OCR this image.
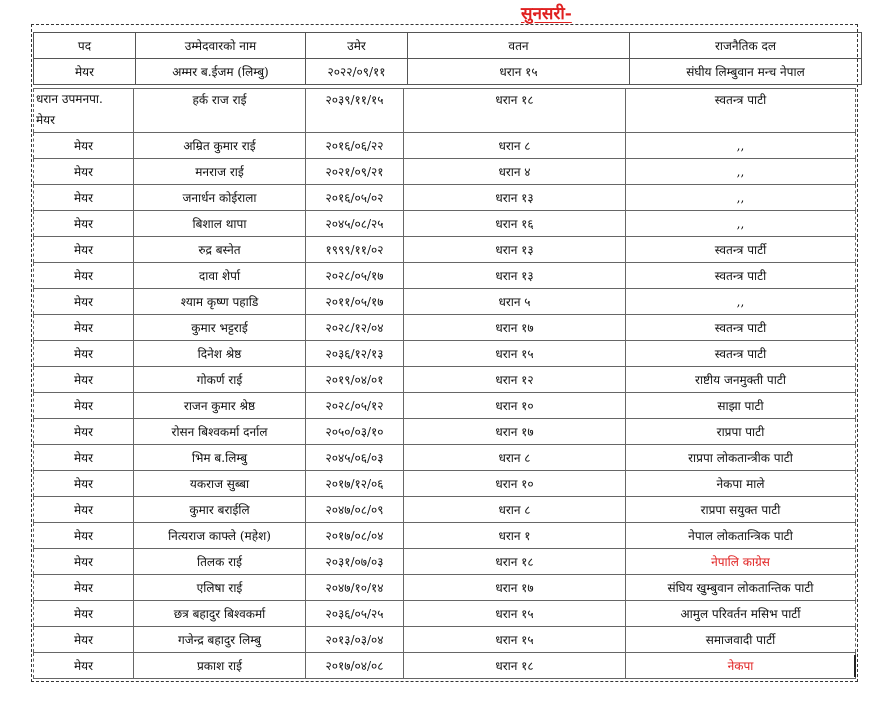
सुनसरी-
पद	उम्मेदवारको नाम	उमेर	वतन	राजनैतिक दल
मेयर	अम्मर ब.ईजम (लिम्बु)	२०२२/०९/११	धरान १५	संघीय लिम्बुवान मन्च नेपाल
धरान उपमनपा.
मेयर	हर्क राज राई	२०३९/११/१५	धरान १८	स्वतन्त्र पाटी
मेयर	अम्रित कुमार राई	२०१६/०६/२२	धरान ८	,,
मेयर	मनराज राई	२०२१/०९/२१	धरान ४	,,
मेयर	जनार्धन कोईराला	२०१६/०५/०२	धरान १३	,,
मेयर	बिशाल थापा	२०४५/०८/२५	धरान १६	,,
मेयर	रुद्र बस्नेत	१९९९/११/०२	धरान १३	स्वतन्त्र पार्टी
मेयर	दावा शेर्पा	२०२८/०५/१७	धरान १३	स्वतन्त्र पाटी
मेयर	श्याम कृष्ण पहाडि	२०११/०५/१७	धरान ५	,,
मेयर	कुमार भट्टराई	२०२८/१२/०४	धरान १७	स्वतन्त्र पाटी
मेयर	दिनेश श्रेष्ठ	२०३६/१२/१३	धरान १५	स्वतन्त्र पाटी
मेयर	गोकर्ण राई	२०१९/०४/०१	धरान १२	राष्टीय जनमुक्ती पाटी
मेयर	राजन कुमार श्रेष्ठ	२०२८/०५/१२	धरान १०	साझा पाटी
मेयर	रोसन बिश्वकर्मा दर्नाल	२०५०/०३/१०	धरान १७	राप्रपा पाटी
मेयर	भिम ब.लिम्बु	२०४५/०६/०३	धरान ८	राप्रपा लोकतान्त्रीक पाटी
मेयर	यकराज सुब्बा	२०१७/१२/०६	धरान १०	नेकपा माले
मेयर	कुमार बराईलि	२०४७/०८/०९	धरान ८	राप्रपा सयुक्त पाटी
मेयर	नित्यराज काफ्ले (महेश)	२०१७/०८/०४	धरान १	नेपाल लोकतान्त्रिक पाटी
मेयर	तिलक राई	२०३१/०७/०३	धरान १८	नेपालि काग्रेस
मेयर	एलिषा राई	२०४७/१०/१४	धरान १७	संघिय खुम्बुवान लोकतान्तिक पाटी
मेयर	छत्र बहादुर बिश्वकर्मा	२०३६/०५/२५	धरान १५	आमुल परिवर्तन मसिभ पार्टी
मेयर	गजेन्द्र बहादुर लिम्बु	२०१३/०३/०४	धरान १५	समाजवादी पार्टी
मेयर	प्रकाश राई	२०१७/०४/०८	धरान १८	नेकपा
